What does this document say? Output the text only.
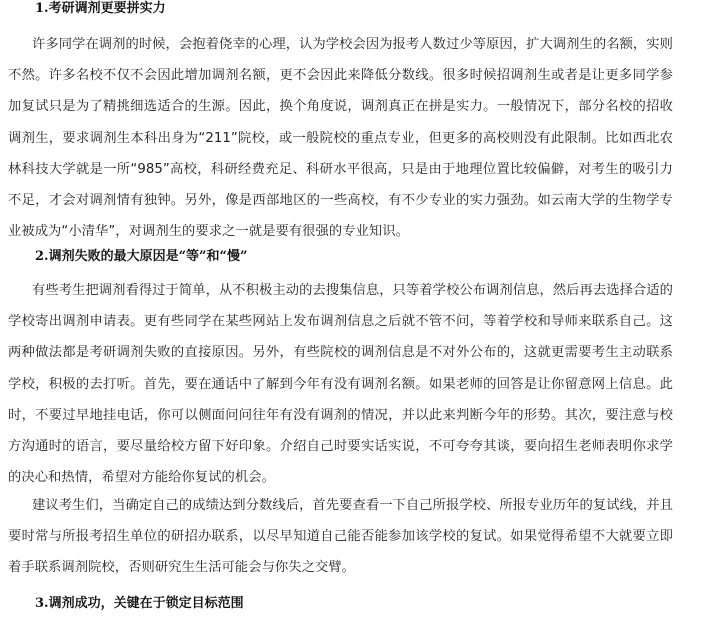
1.考研调剂更要拼实力
许多同学在调剂的时候，会抱着侥幸的心理，认为学校会因为报考人数过少等原因，扩大调剂生的名额，实则不然。许多名校不仅不会因此增加调剂名额，更不会因此来降低分数线。很多时候招调剂生或者是让更多同学参加复试只是为了精挑细选适合的生源。因此，换个角度说，调剂真正在拼是实力。一般情况下，部分名校的招收调剂生，要求调剂生本科出身为“211”院校，或一般院校的重点专业，但更多的高校则没有此限制。比如西北农林科技大学就是一所“985”高校，科研经费充足、科研水平很高，只是由于地理位置比较偏僻，对考生的吸引力不足，才会对调剂情有独钟。另外，像是西部地区的一些高校，有不少专业的实力强劲。如云南大学的生物学专业被成为“小清华”，对调剂生的要求之一就是要有很强的专业知识。
2.调剂失败的最大原因是“等”和“慢”
有些考生把调剂看得过于简单，从不积极主动的去搜集信息，只等着学校公布调剂信息，然后再去选择合适的学校寄出调剂申请表。更有些同学在某些网站上发布调剂信息之后就不管不问，等着学校和导师来联系自己。这两种做法都是考研调剂失败的直接原因。另外，有些院校的调剂信息是不对外公布的，这就更需要考生主动联系学校，积极的去打听。首先，要在通话中了解到今年有没有调剂名额。如果老师的回答是让你留意网上信息。此时，不要过早地挂电话，你可以侧面问问往年有没有调剂的情况，并以此来判断今年的形势。其次，要注意与校方沟通时的语言，要尽量给校方留下好印象。介绍自己时要实话实说，不可夸夸其谈，要向招生老师表明你求学的决心和热情，希望对方能给你复试的机会。
建议考生们，当确定自己的成绩达到分数线后，首先要查看一下自己所报学校、所报专业历年的复试线，并且要时常与所报考招生单位的研招办联系，以尽早知道自己能否能参加该学校的复试。如果觉得希望不大就要立即着手联系调剂院校，否则研究生生活可能会与你失之交臂。
3.调剂成功，关键在于锁定目标范围
